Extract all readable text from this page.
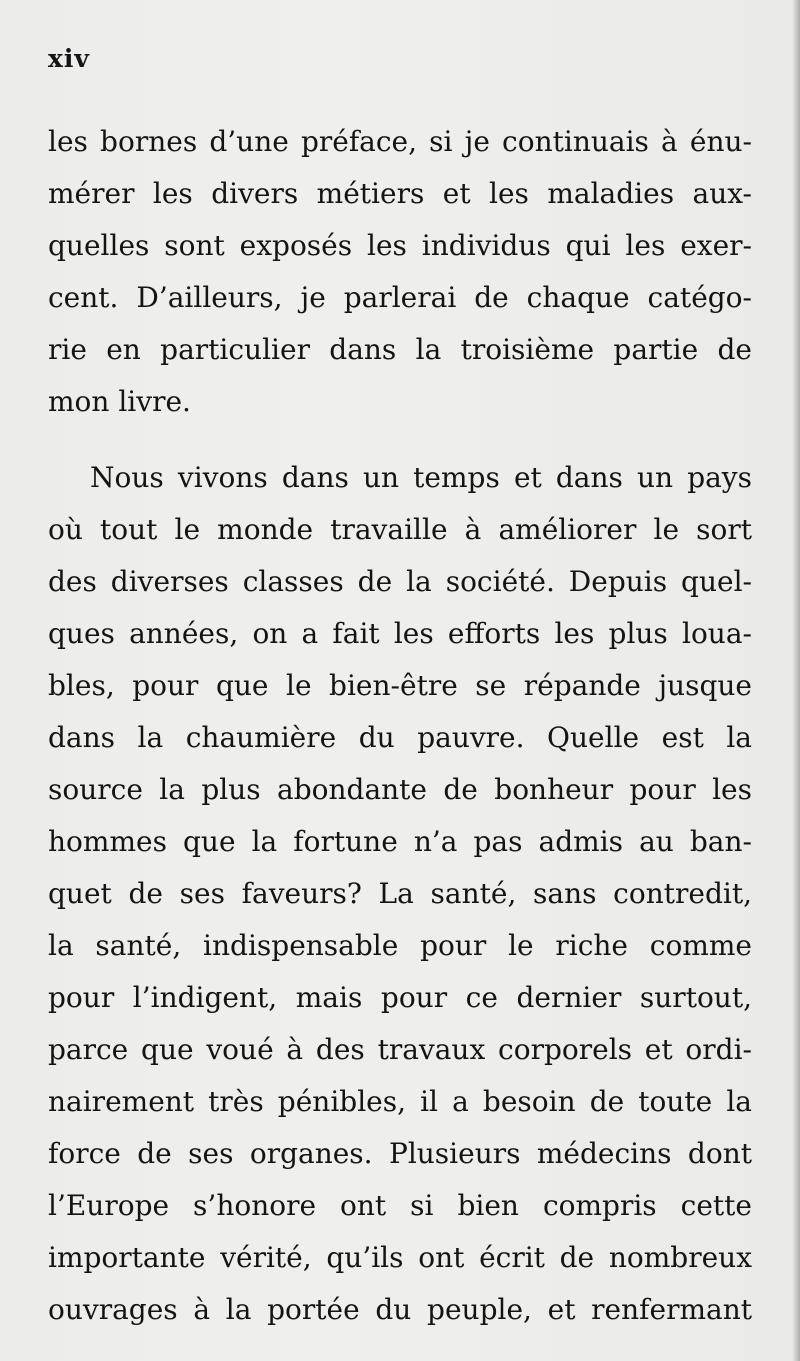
xiv

les bornes d’une préface, si je continuais à énu-
mérer les divers métiers et les maladies aux-
quelles sont exposés les individus qui les exer-
cent. D’ailleurs, je parlerai de chaque catégo-
rie en particulier dans la troisième partie de
mon livre.
Nous vivons dans un temps et dans un pays
où tout le monde travaille à améliorer le sort
des diverses classes de la société. Depuis quel-
ques années, on a fait les efforts les plus loua-
bles, pour que le bien-être se répande jusque
dans la chaumière du pauvre. Quelle est la
source la plus abondante de bonheur pour les
hommes que la fortune n’a pas admis au ban-
quet de ses faveurs? La santé, sans contredit,
la santé, indispensable pour le riche comme
pour l’indigent, mais pour ce dernier surtout,
parce que voué à des travaux corporels et ordi-
nairement très pénibles, il a besoin de toute la
force de ses organes. Plusieurs médecins dont
l’Europe s’honore ont si bien compris cette
importante vérité, qu’ils ont écrit de nombreux
ouvrages à la portée du peuple, et renfermant
